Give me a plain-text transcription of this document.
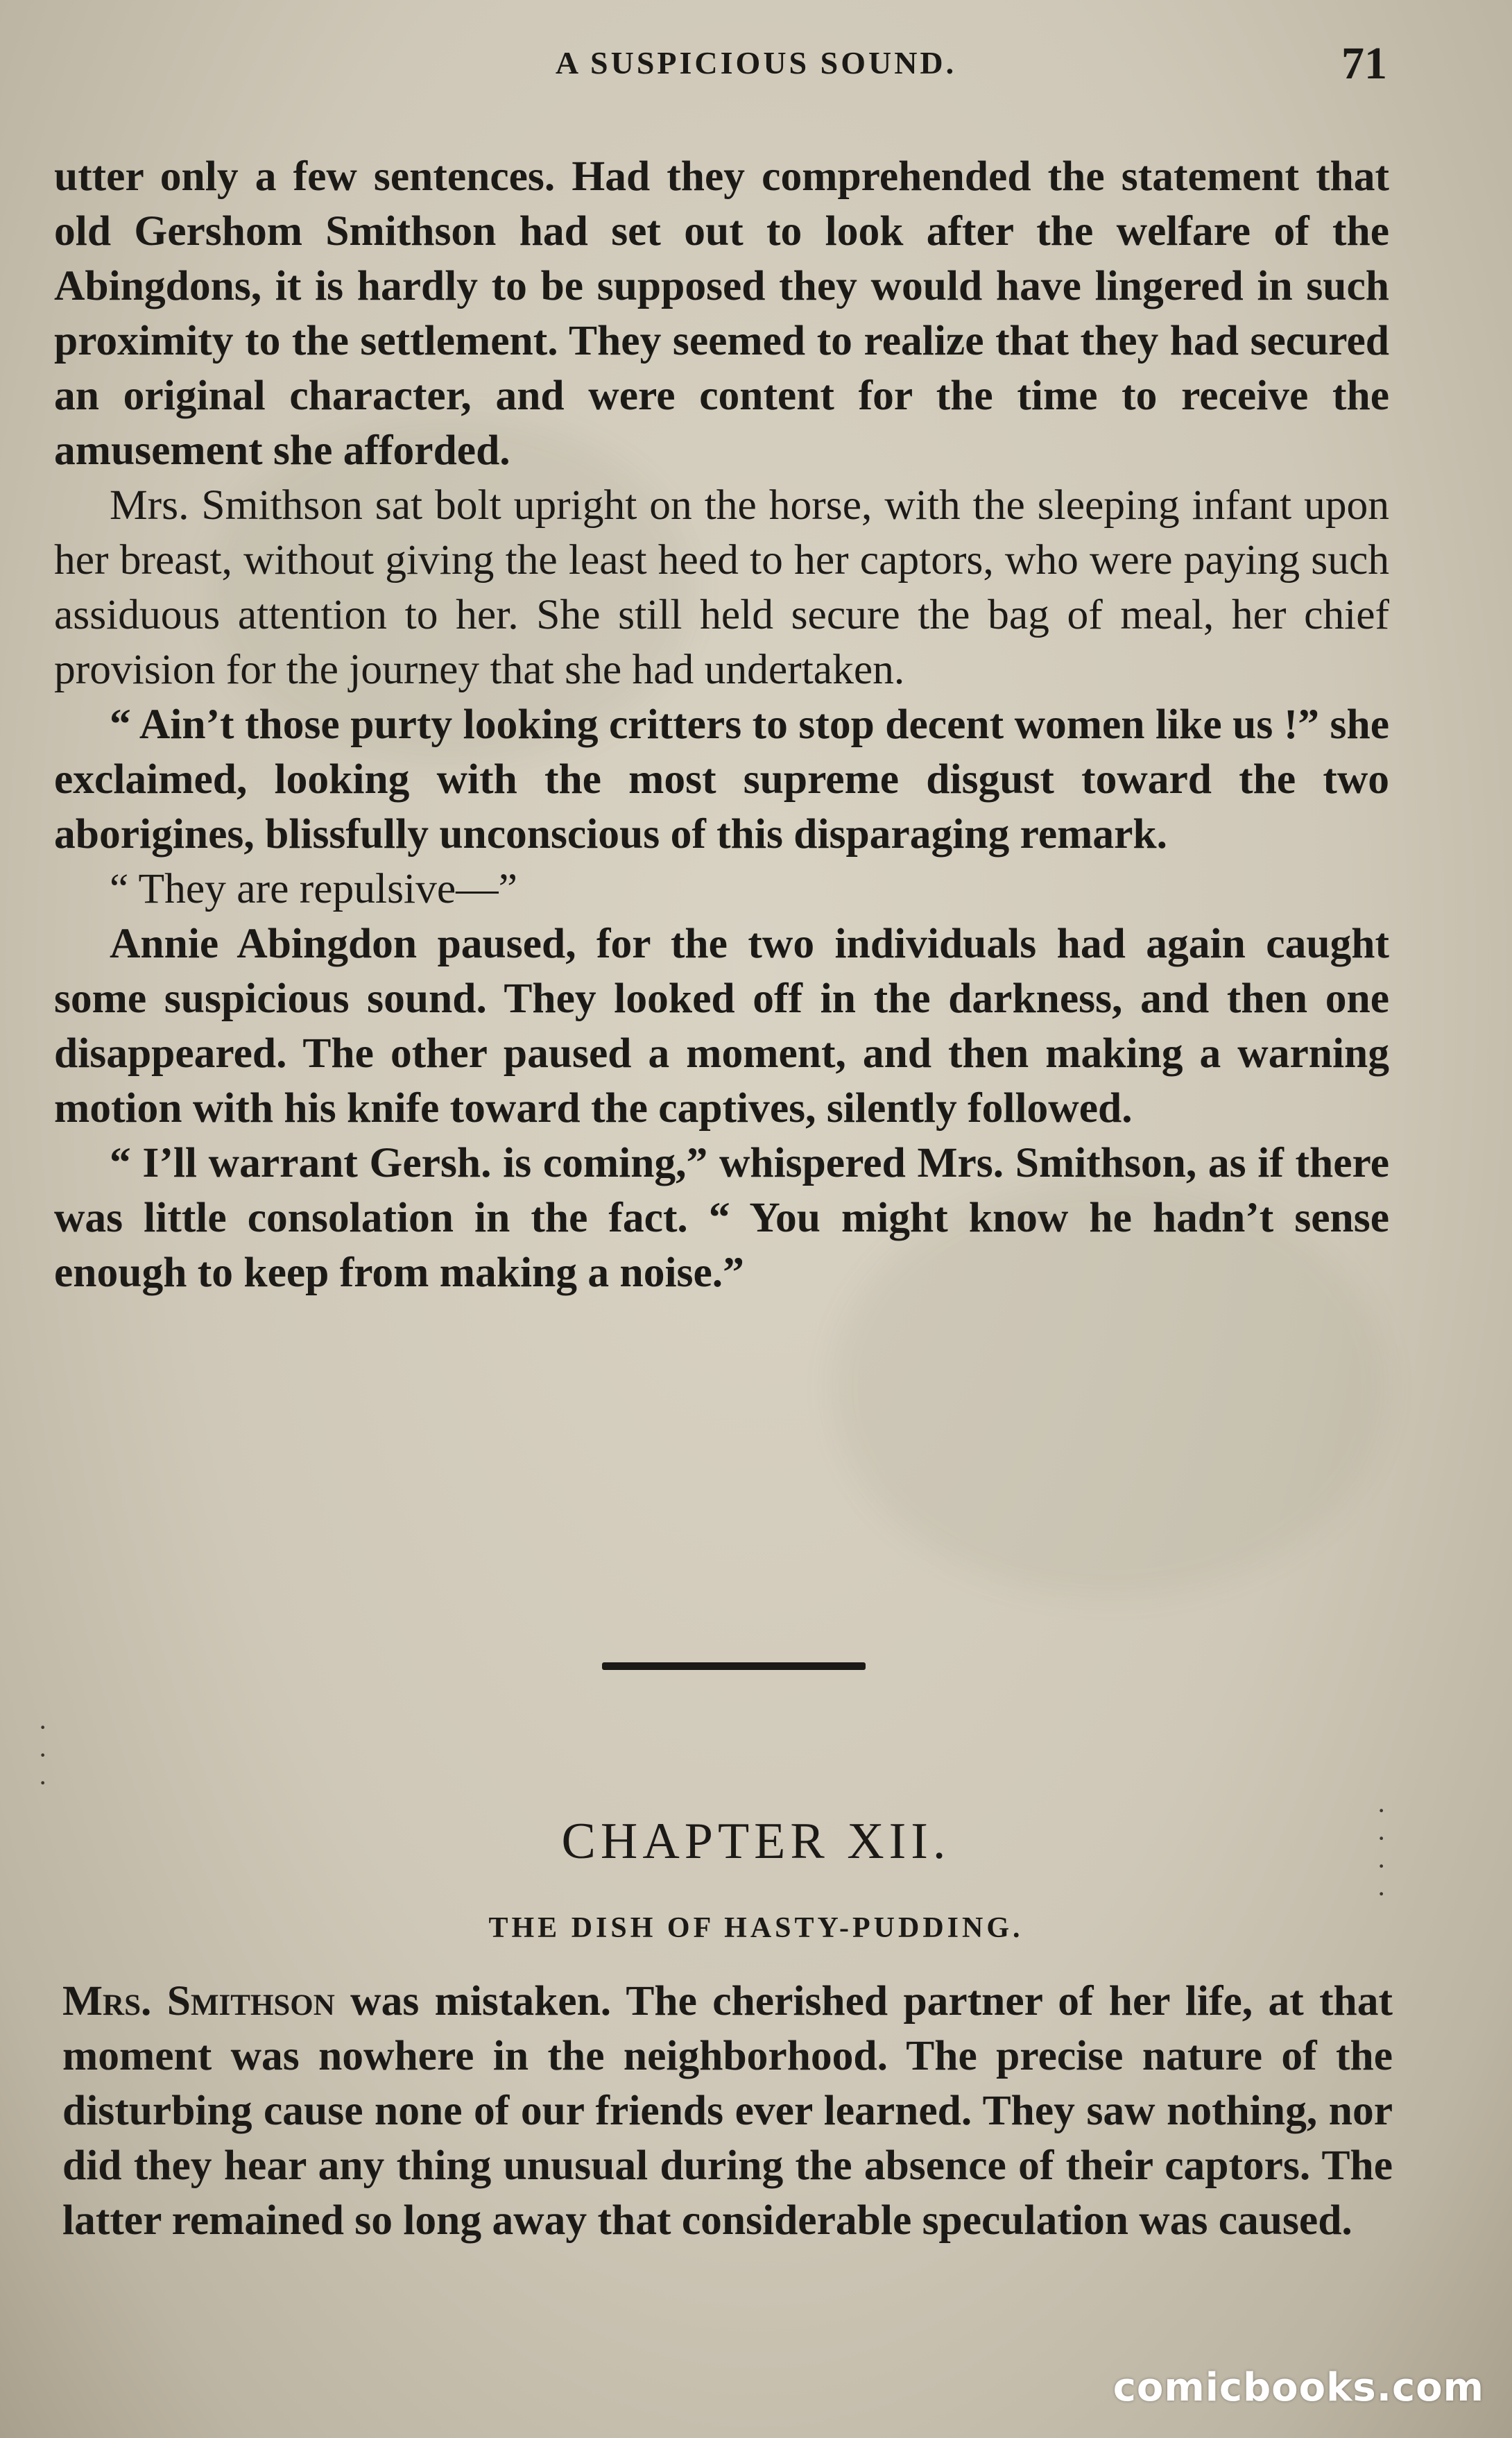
A SUSPICIOUS SOUND.	71

utter only a few sentences. Had they comprehended the statement that old Gershom Smithson had set out to look after the welfare of the Abingdons, it is hardly to be supposed they would have lingered in such proximity to the settlement. They seemed to realize that they had secured an original character, and were content for the time to receive the amusement she afforded.

Mrs. Smithson sat bolt upright on the horse, with the sleeping infant upon her breast, without giving the least heed to her captors, who were paying such assiduous attention to her. She still held secure the bag of meal, her chief provision for the journey that she had undertaken.

“ Ain’t those purty looking critters to stop decent women like us !” she exclaimed, looking with the most supreme disgust toward the two aborigines, blissfully unconscious of this disparaging remark.

“ They are repulsive—”

Annie Abingdon paused, for the two individuals had again caught some suspicious sound. They looked off in the darkness, and then one disappeared. The other paused a moment, and then making a warning motion with his knife toward the captives, silently followed.

“ I’ll warrant Gersh. is coming,” whispered Mrs. Smithson, as if there was little consolation in the fact. “ You might know he hadn’t sense enough to keep from making a noise.”

CHAPTER XII.
THE DISH OF HASTY-PUDDING.

Mrs. Smithson was mistaken. The cherished partner of her life, at that moment was nowhere in the neighborhood. The precise nature of the disturbing cause none of our friends ever learned. They saw nothing, nor did they hear any thing unusual during the absence of their captors. The latter remained so long away that considerable speculation was caused.

·
·
·
·
·
·
·
comicbooks.com
